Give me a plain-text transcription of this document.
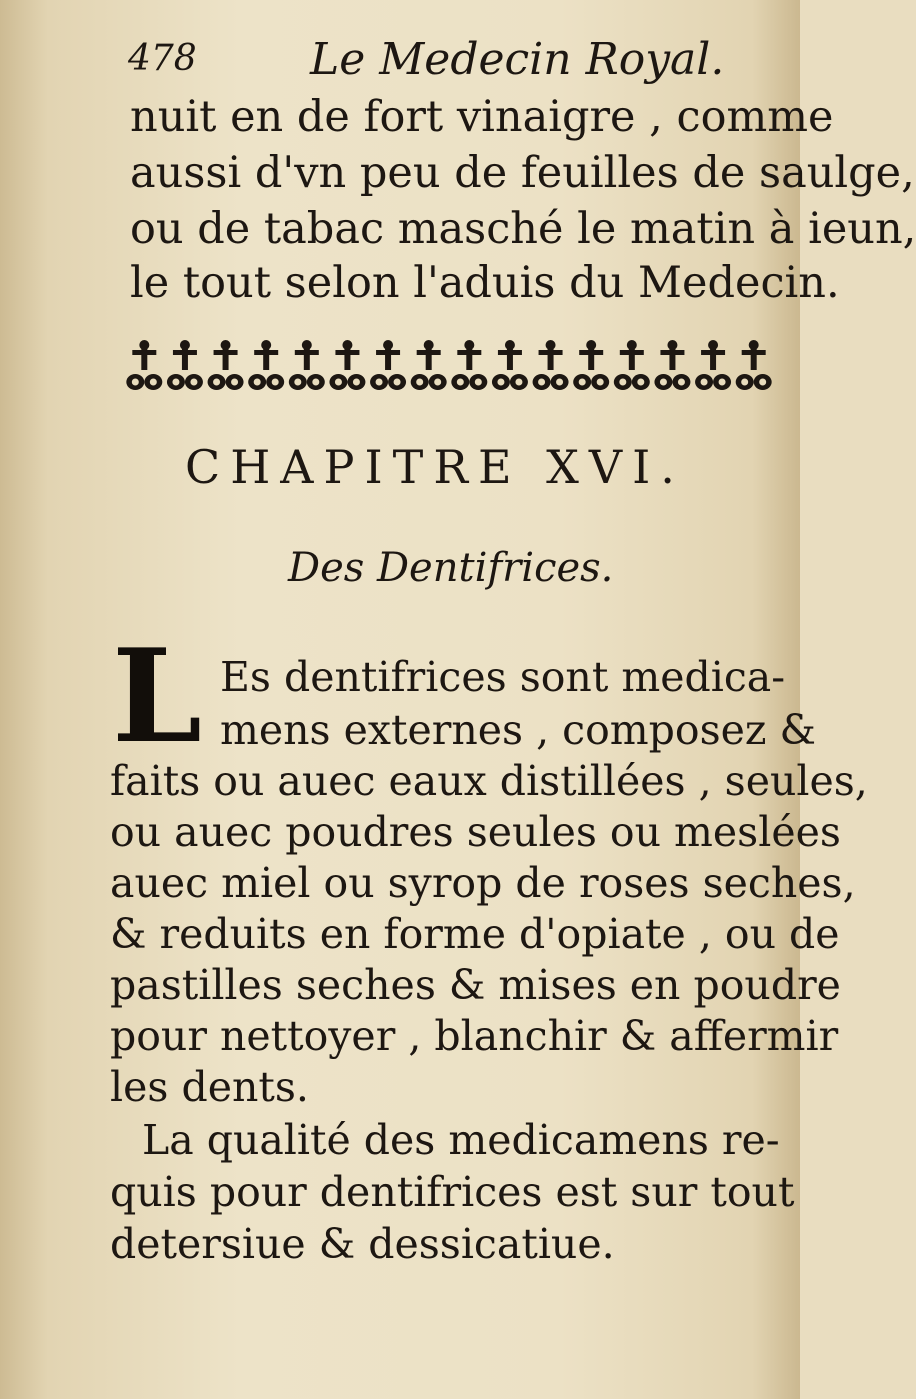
478	Le Medecin Royal.
nuit en de fort vinaigre , comme
aussi d'vn peu de feuilles de saulge,
ou de tabac masché le matin à ieun,
le tout selon l'aduis du Medecin.
CHAPITRE XVI.
Des Dentifrices.
L Es dentifrices sont medica-
mens externes , composez &
faits ou auec eaux distillées , seules,
ou auec poudres seules ou meslées
auec miel ou syrop de roses seches,
& reduits en forme d'opiate , ou de
pastilles seches & mises en poudre
pour nettoyer , blanchir & affermir
les dents.
La qualité des medicamens re-
quis pour dentifrices est sur tout
detersiue & dessicatiue.
